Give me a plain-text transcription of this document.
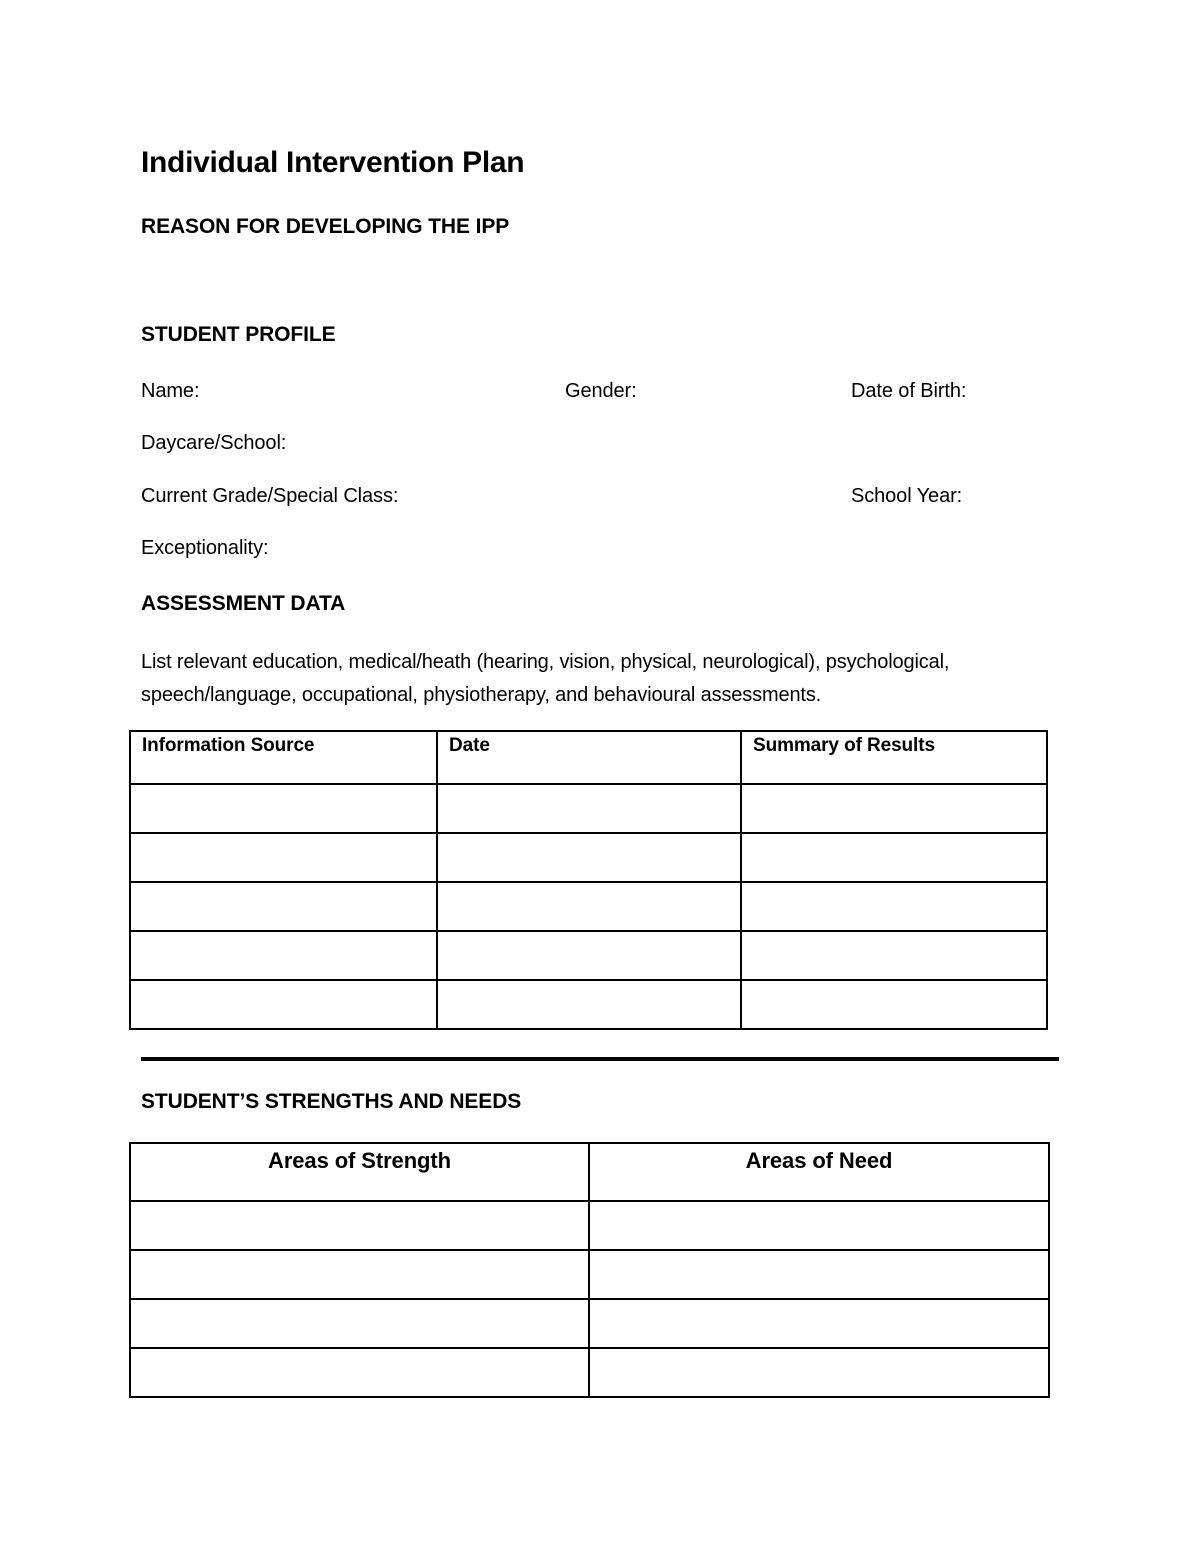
Individual Intervention Plan
REASON FOR DEVELOPING THE IPP
STUDENT PROFILE
Name:	Gender:	Date of Birth:
Daycare/School:
Current Grade/Special Class:	School Year:
Exceptionality:
ASSESSMENT DATA
List relevant education, medical/heath (hearing, vision, physical, neurological), psychological, speech/language, occupational, physiotherapy, and behavioural assessments.
Information Source	Date	Summary of Results

STUDENT’S STRENGTHS AND NEEDS
Areas of Strength	Areas of Need
